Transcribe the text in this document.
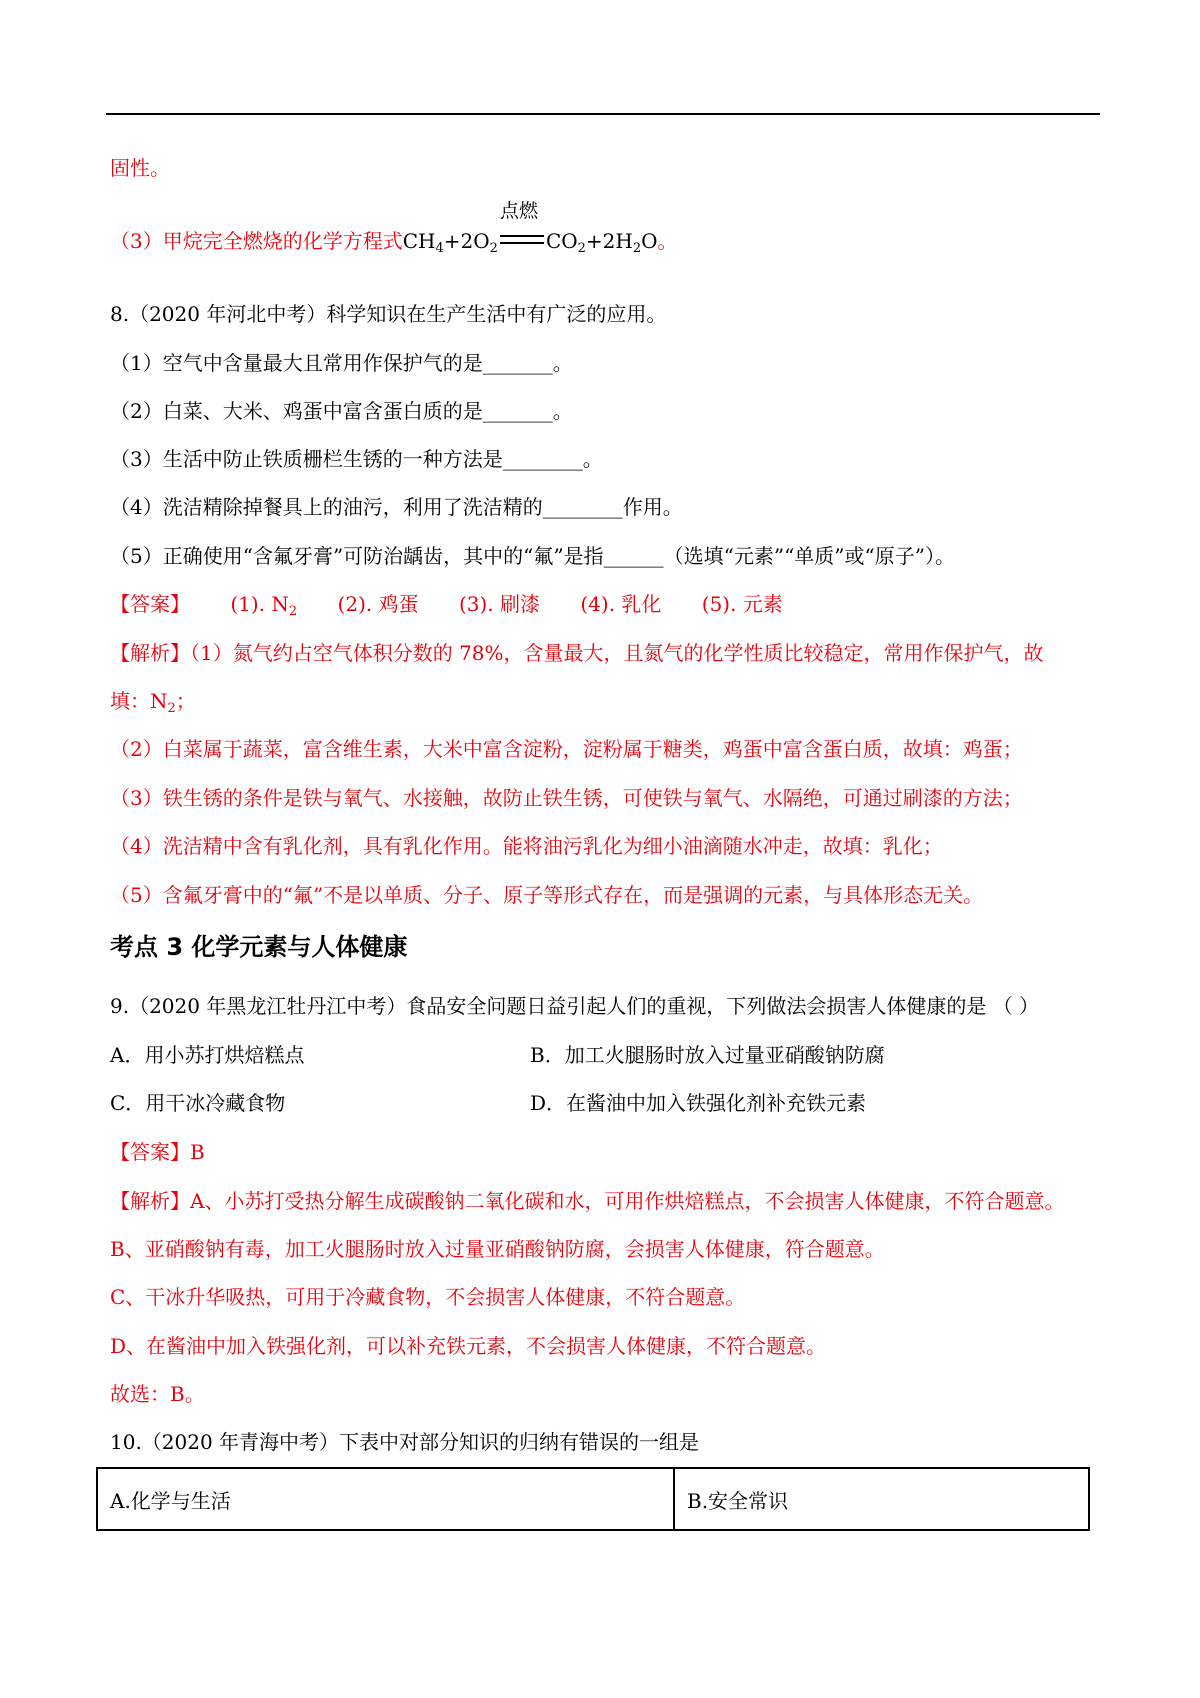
固性。
（3）甲烷完全燃烧的化学方程式$CH_4+2O_2$
点燃
$CO_2+2H_2O$。
8.（2020 年河北中考）科学知识在生产生活中有广泛的应用。
（1）空气中含量最大且常用作保护气的是_______。
（2）白菜、大米、鸡蛋中富含蛋白质的是_______。
（3）生活中防止铁质栅栏生锈的一种方法是________。
（4）洗洁精除掉餐具上的油污，利用了洗洁精的________作用。
（5）正确使用“含氟牙膏”可防治龋齿，其中的“氟”是指______（选填“元素”“单质”或“原子”）。
【答案】 (1). $N_2$ (2). 鸡蛋 (3). 刷漆 (4). 乳化 (5). 元素
【解析】（1）氮气约占空气体积分数的 78%，含量最大，且氮气的化学性质比较稳定，常用作保护气，故
填：$N_2$；
（2）白菜属于蔬菜，富含维生素，大米中富含淀粉，淀粉属于糖类，鸡蛋中富含蛋白质，故填：鸡蛋；
（3）铁生锈的条件是铁与氧气、水接触，故防止铁生锈，可使铁与氧气、水隔绝，可通过刷漆的方法；
（4）洗洁精中含有乳化剂，具有乳化作用。能将油污乳化为细小油滴随水冲走，故填：乳化；
（5）含氟牙膏中的“氟”不是以单质、分子、原子等形式存在，而是强调的元素，与具体形态无关。
考点 3 化学元素与人体健康
9.（2020 年黑龙江牡丹江中考）食品安全问题日益引起人们的重视，下列做法会损害人体健康的是 （ ）
A．用小苏打烘焙糕点	B．加工火腿肠时放入过量亚硝酸钠防腐
C．用干冰冷藏食物	D．在酱油中加入铁强化剂补充铁元素
【答案】B
【解析】A、小苏打受热分解生成碳酸钠二氧化碳和水，可用作烘焙糕点，不会损害人体健康，不符合题意。
B、亚硝酸钠有毒，加工火腿肠时放入过量亚硝酸钠防腐，会损害人体健康，符合题意。
C、干冰升华吸热，可用于冷藏食物，不会损害人体健康，不符合题意。
D、在酱油中加入铁强化剂，可以补充铁元素，不会损害人体健康，不符合题意。
故选：B。
10.（2020 年青海中考）下表中对部分知识的归纳有错误的一组是
A.化学与生活	B.安全常识
